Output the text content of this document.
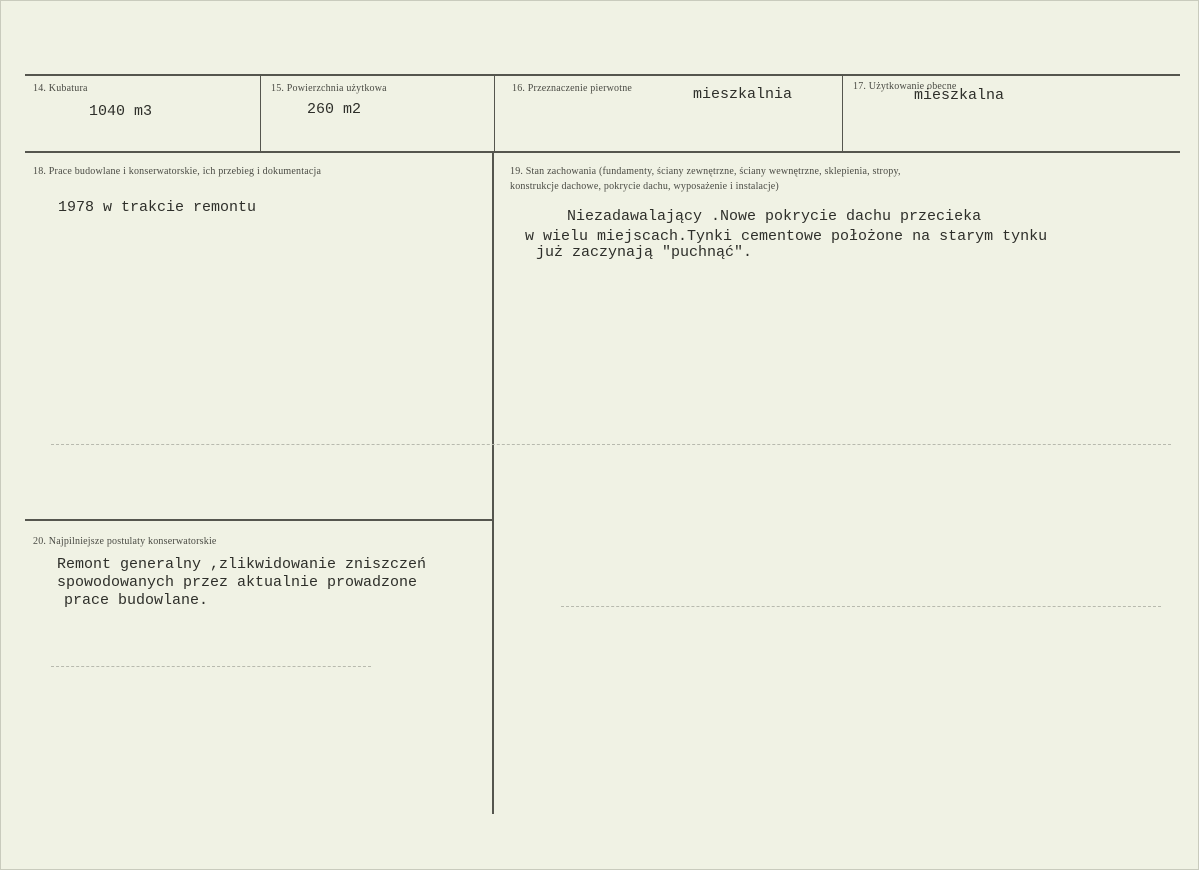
14. Kubatura
1040 m3
15. Powierzchnia użytkowa
260 m2
16. Przeznaczenie pierwotne	mieszkalnia	17. Użytkowanie obecne
mieszkalna
18. Prace budowlane i konserwatorskie, ich przebieg i dokumentacja
1978 w trakcie remontu
19. Stan zachowania (fundamenty, ściany zewnętrzne, ściany wewnętrzne, sklepienia, stropy,
konstrukcje dachowe, pokrycie dachu, wyposażenie i instalacje)
Niezadawalający .Nowe pokrycie dachu przecieka
w wielu miejscach.Tynki cementowe położone na starym tynku
już zaczynają "puchnąć".
20. Najpilniejsze postulaty konserwatorskie
Remont generalny ,zlikwidowanie zniszczeń
spowodowanych przez aktualnie prowadzone
prace budowlane.
